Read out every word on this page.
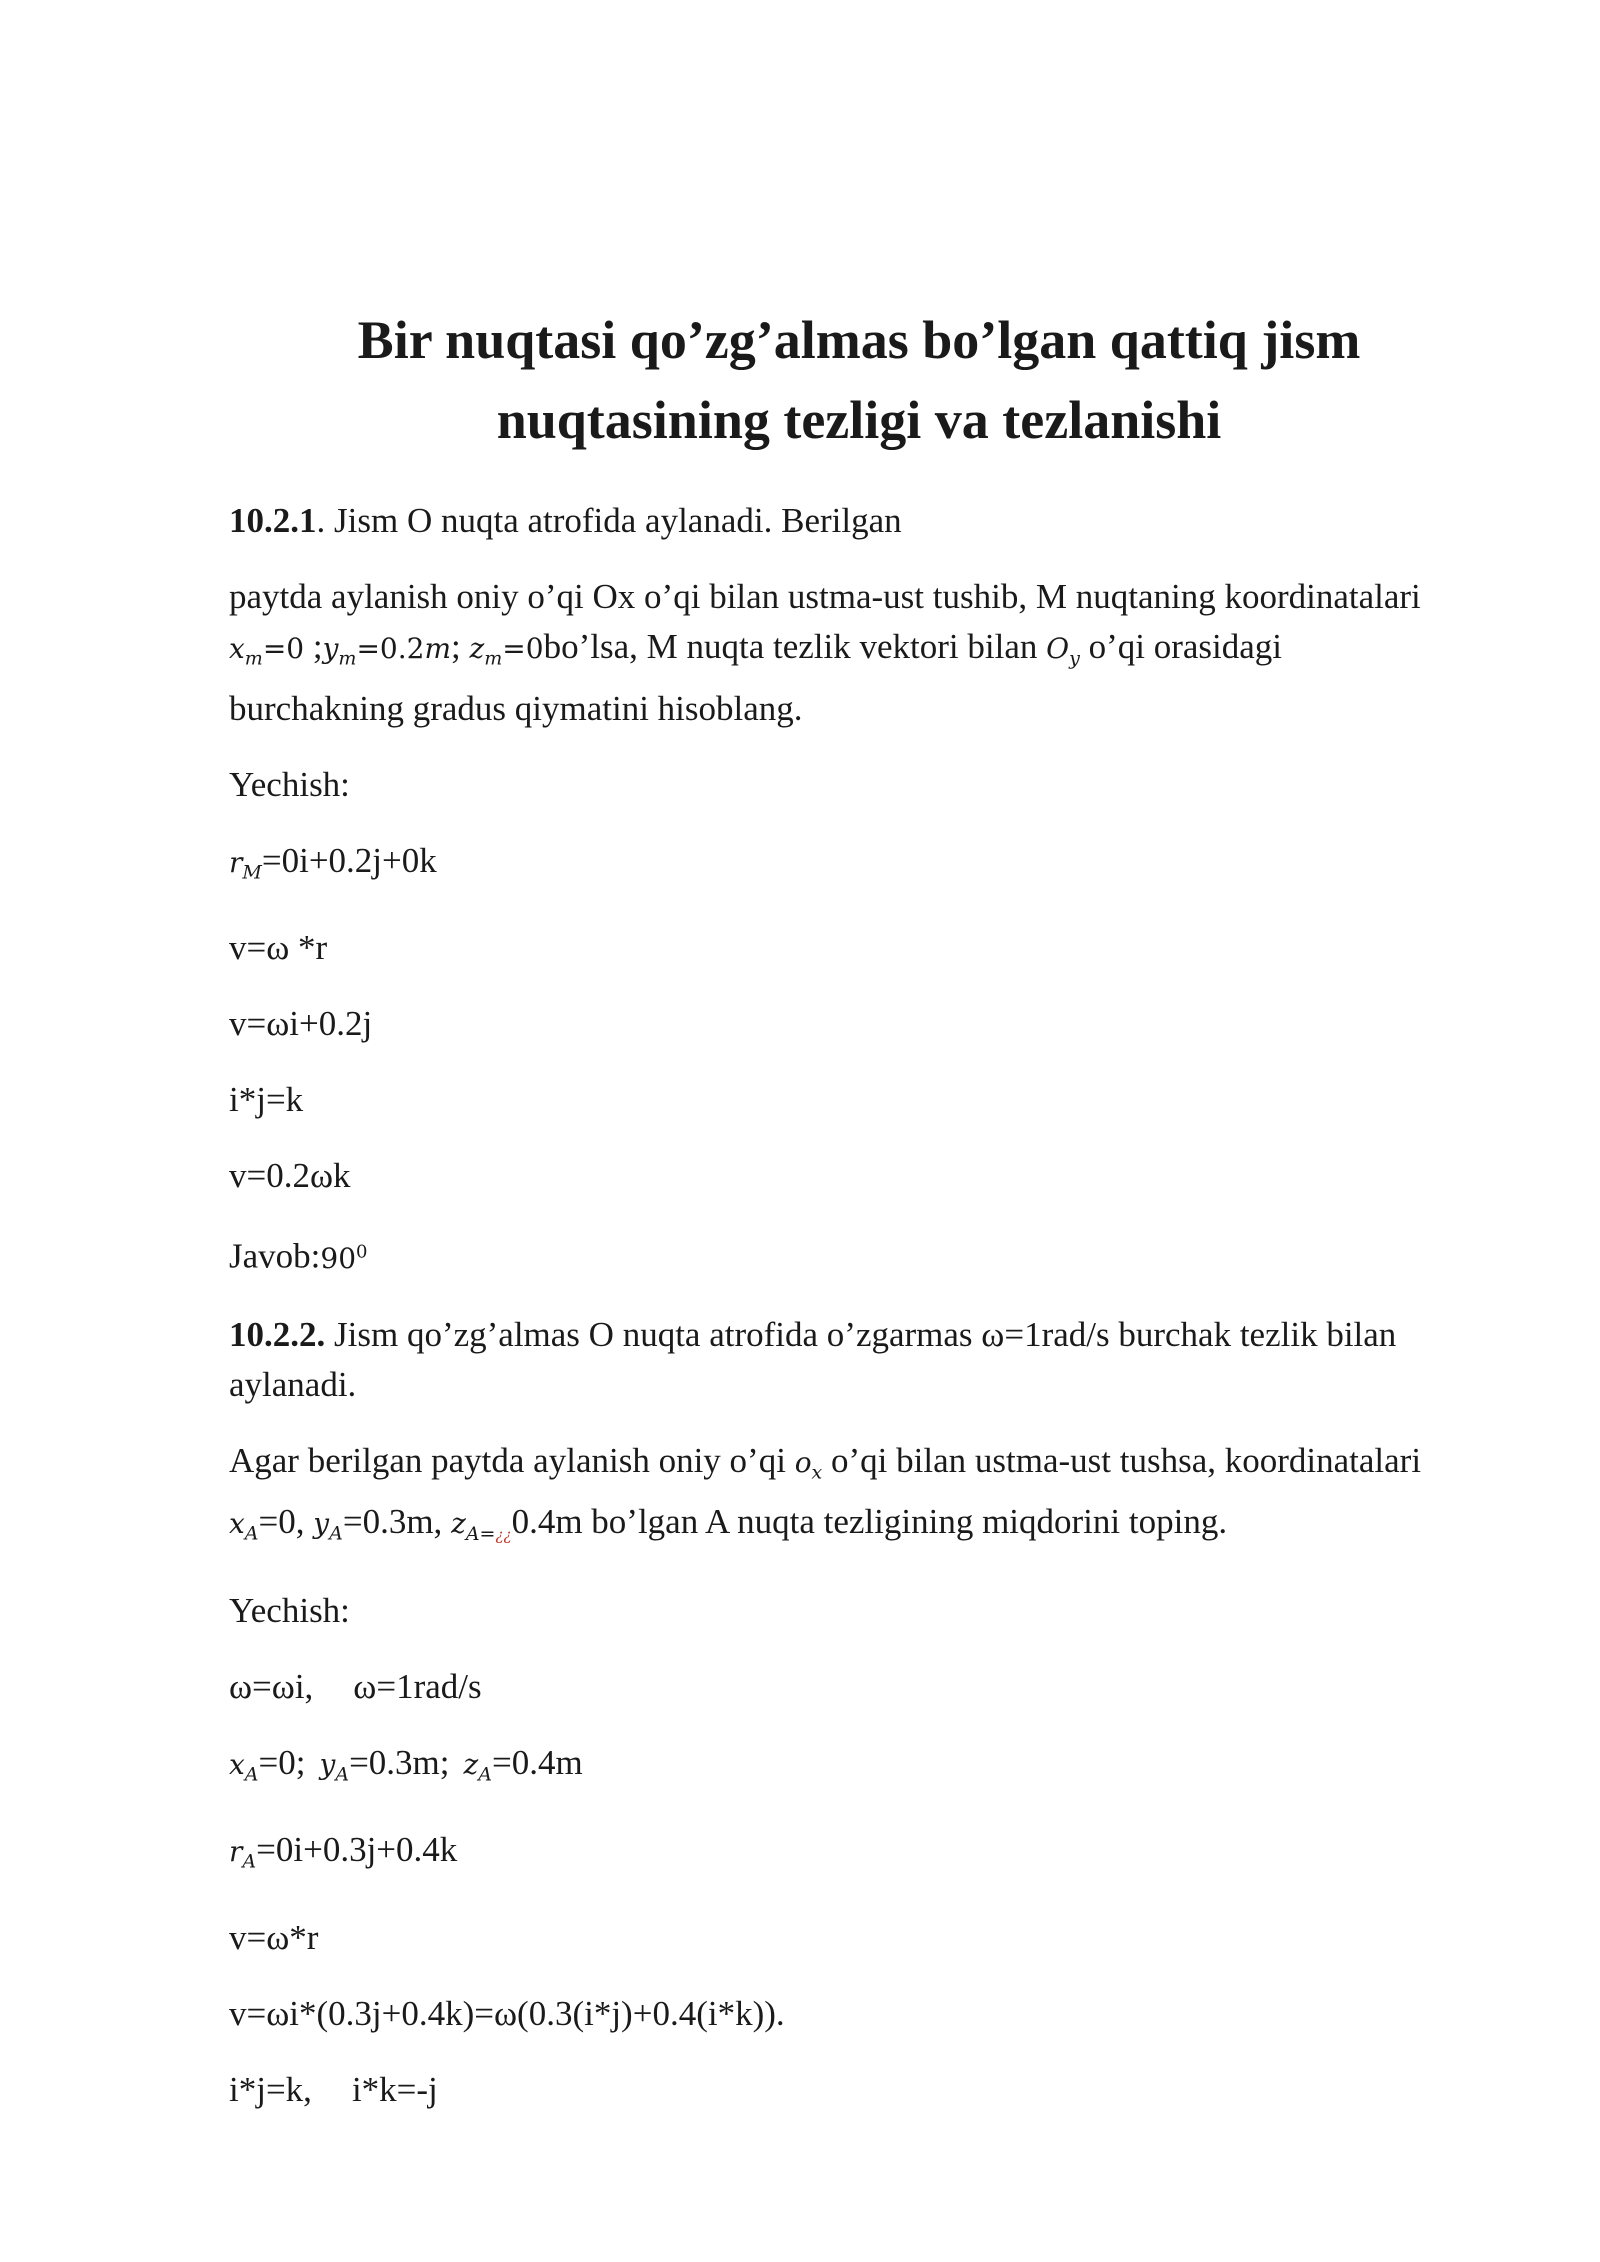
Bir nuqtasi qo’zg’almas bo’lgan qattiq jism
nuqtasining tezligi va tezlanishi

10.2.1. Jism O nuqta atrofida aylanadi. Berilgan

paytda aylanish oniy o’qi Ox o’qi bilan ustma-ust tushib, M nuqtaning koordinatalari $x_m=0$ $;y_m=0.2m$; $z_m=0bo’lsa$, M nuqta tezlik vektori bilan $O_y$ o’qi orasidagi burchakning gradus qiymatini hisoblang.

Yechish:

$r_M=0i+0.2j+0k$

v=ω *r

v=ωi+0.2j

i*j=k

v=0.2ωk

$Javob:90^0$

10.2.2. Jism qo’zg’almas O nuqta atrofida o’zgarmas ω=1rad/s burchak tezlik bilan aylanadi.

Agar berilgan paytda aylanish oniy o’qi $o_x$ o’qi bilan ustma-ust tushsa, koordinatalari $x_A=0$, $y_A=0.3m$, $z_{A=¿¿}0.4m$ bo’lgan A nuqta tezligining miqdorini toping.

Yechish:

ω=ωi, ω=1rad/s

$x_A=0$; $y_A=0.3m$; $z_A=0.4m$

$r_A=0i+0.3j+0.4k$

v=ω*r

v=ωi*(0.3j+0.4k)=ω(0.3(i*j)+0.4(i*k)).

i*j=k, i*k=-j
